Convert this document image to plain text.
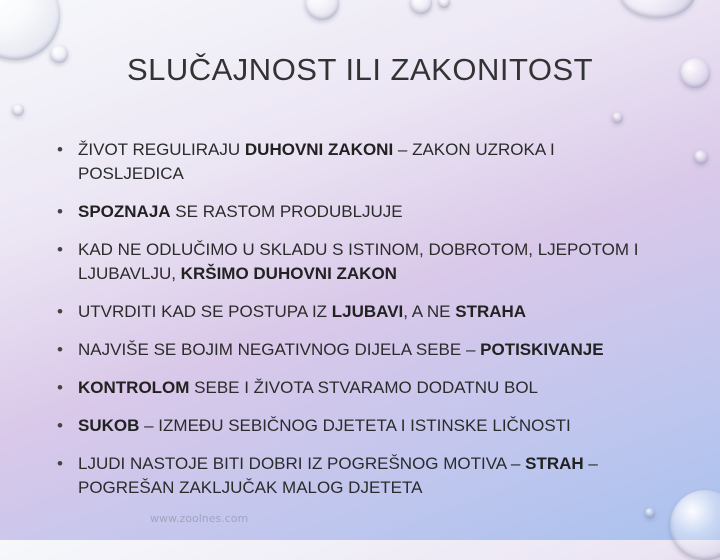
SLUČAJNOST ILI ZAKONITOST
• ŽIVOT REGULIRAJU DUHOVNI ZAKONI – ZAKON UZROKA I POSLJEDICA
• SPOZNAJA SE RASTOM PRODUBLJUJE
• KAD NE ODLUČIMO U SKLADU S ISTINOM, DOBROTOM, LJEPOTOM I LJUBAVLJU, KRŠIMO DUHOVNI ZAKON
• UTVRDITI KAD SE POSTUPA IZ LJUBAVI, A NE STRAHA
• NAJVIŠE SE BOJIM NEGATIVNOG DIJELA SEBE – POTISKIVANJE
• KONTROLOM SEBE I ŽIVOTA STVARAMO DODATNU BOL
• SUKOB – IZMEĐU SEBIČNOG DJETETA I ISTINSKE LIČNOSTI
• LJUDI NASTOJE BITI DOBRI IZ POGREŠNOG MOTIVA – STRAH – POGREŠAN ZAKLJUČAK MALOG DJETETA
www.zoolnes.com
